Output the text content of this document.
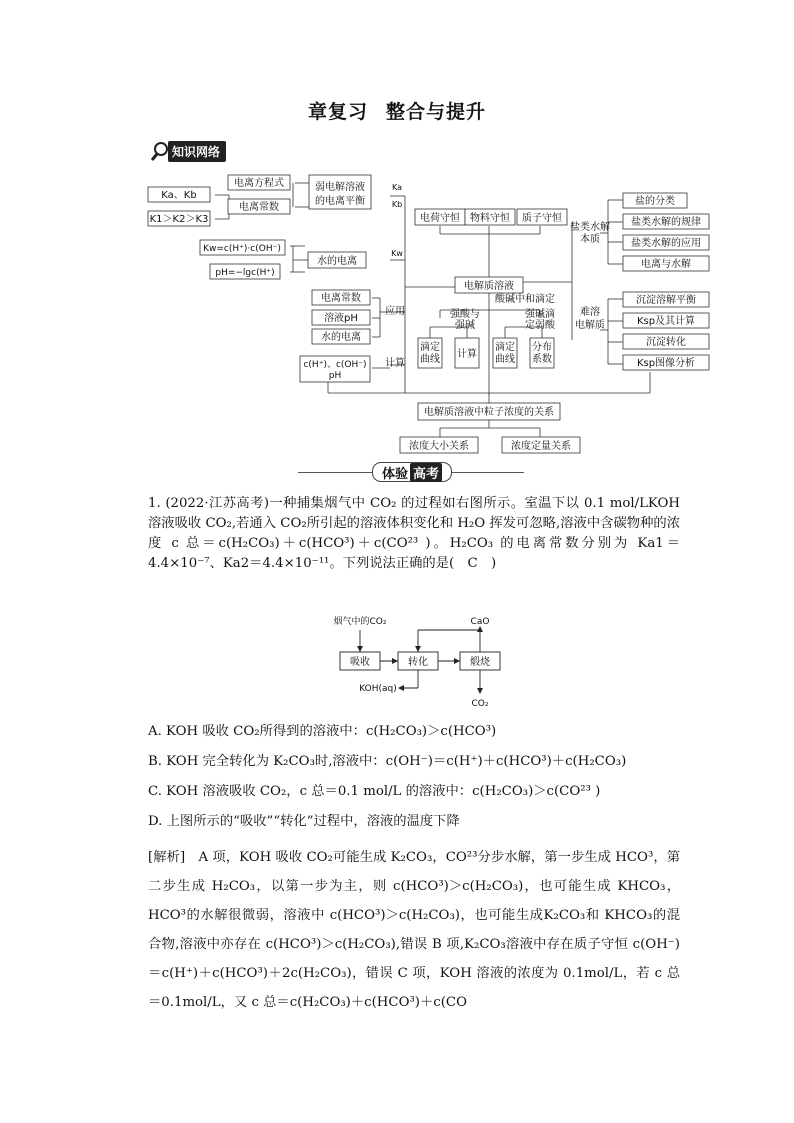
章复习 整合与提升
知识网络
电离方程式
电离常数
Ka、Kb
K1＞K2＞K3
弱电解溶液
的电离平衡
Ka
Kb
Kw=c(H⁺)·c(OH⁻)
pH=−lgc(H⁺)
水的电离
Kw
电离常数
溶液pH
水的电离
应用
c(H⁺)、c(OH⁻)
pH
计算
电荷守恒 物料守恒 质子守恒
电解质溶液
盐类水解
本质
盐的分类
盐类水解的规律
盐类水解的应用
电离与水解
难溶
电解质
沉淀溶解平衡
Ksp及其计算
沉淀转化
Ksp图像分析
酸碱中和滴定
强酸与
强碱
强碱滴
定弱酸
滴定
曲线 计算
滴定
曲线
分布
系数
电解质溶液中粒子浓度的关系
浓度大小关系	浓度定量关系
体验 高考
1. (2022·江苏高考)一种捕集烟气中 CO₂ 的过程如右图所示。室温下以 0.1 mol/LKOH 溶液吸收 CO₂,若通入 CO₂所引起的溶液体积变化和 H₂O 挥发可忽略,溶液中含碳物种的浓度 c 总＝c(H₂CO₃)＋c(HCO³)＋c(CO²³ )。H₂CO₃ 的电离常数分别为 Ka1＝4.4×10⁻⁷、Ka2＝4.4×10⁻¹¹。下列说法正确的是(　C　)
烟气中的CO₂
吸收	转化	煅烧
CaO
KOH(aq)
CO₂
A. KOH 吸收 CO₂所得到的溶液中：c(H₂CO₃)＞c(HCO³)
B. KOH 完全转化为 K₂CO₃时,溶液中：c(OH⁻)＝c(H⁺)＋c(HCO³)＋c(H₂CO₃)
C. KOH 溶液吸收 CO₂，c 总＝0.1 mol/L 的溶液中：c(H₂CO₃)＞c(CO²³ )
D. 上图所示的“吸收”“转化”过程中，溶液的温度下降
[解析]　A 项，KOH 吸收 CO₂可能生成 K₂CO₃，CO²³分步水解，第一步生成 HCO³，第二步生成 H₂CO₃，以第一步为主，则 c(HCO³)＞c(H₂CO₃)，也可能生成 KHCO₃，HCO³的水解很微弱，溶液中 c(HCO³)＞c(H₂CO₃)，也可能生成K₂CO₃和 KHCO₃的混合物,溶液中亦存在 c(HCO³)＞c(H₂CO₃),错误 B 项,K₂CO₃溶液中存在质子守恒 c(OH⁻)＝c(H⁺)＋c(HCO³)＋2c(H₂CO₃)，错误 C 项，KOH 溶液的浓度为 0.1mol/L，若 c 总＝0.1mol/L，又 c 总＝c(H₂CO₃)＋c(HCO³)＋c(CO
